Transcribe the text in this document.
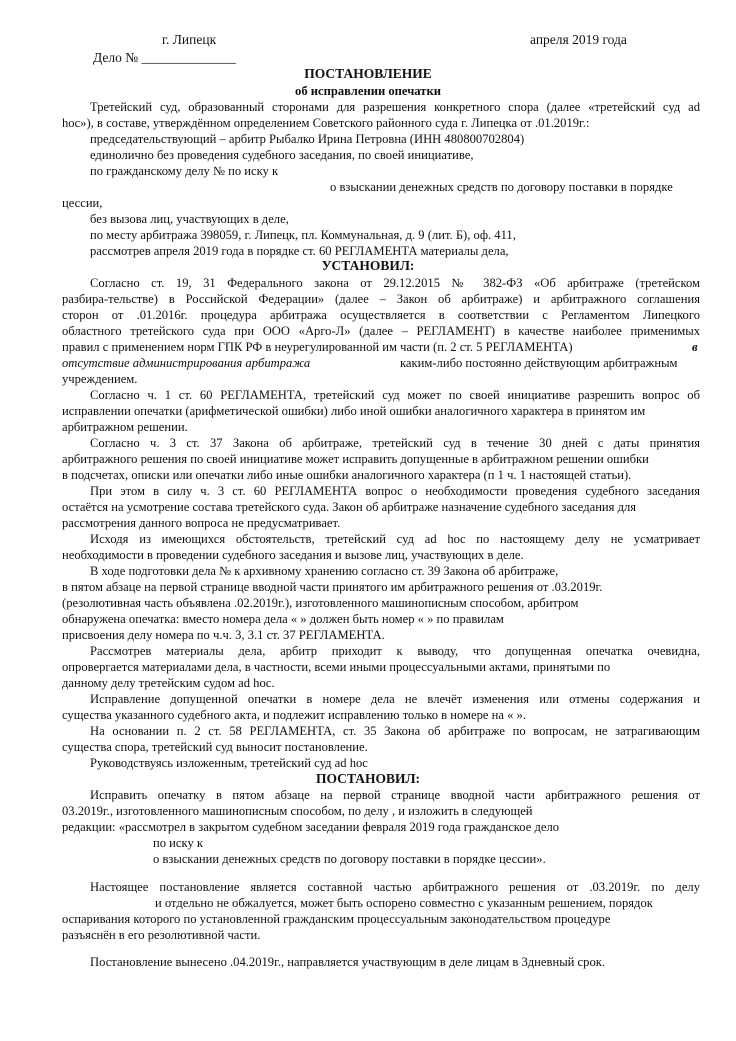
г. Липецк	апреля 2019 года
Дело № ______________
ПОСТАНОВЛЕНИЕ
об исправлении опечатки
Третейский суд, образованный сторонами для разрешения конкретного спора (далее «третейский суд ad
hoc»), в составе, утверждённом определением Советского районного суда г. Липецка от .01.2019г.:
председательствующий – арбитр Рыбалко Ирина Петровна (ИНН 480800702804)
единолично без проведения судебного заседания, по своей инициативе,
по гражданскому делу № по иску к
о взыскании денежных средств по договору поставки в порядке
цессии,
без вызова лиц, участвующих в деле,
по месту арбитража 398059, г. Липецк, пл. Коммунальная, д. 9 (лит. Б), оф. 411,
рассмотрев апреля 2019 года в порядке ст. 60 РЕГЛАМЕНТА материалы дела,
УСТАНОВИЛ:
Согласно ст. 19, 31 Федерального закона от 29.12.2015 № 382-ФЗ «Об арбитраже (третейском
разбира-тельстве) в Российской Федерации» (далее – Закон об арбитраже) и арбитражного соглашения
сторон от .01.2016г. процедура арбитража осуществляется в соответствии с Регламентом Липецкого
областного третейского суда при ООО «Арго-Л» (далее – РЕГЛАМЕНТ) в качестве наиболее применимых
правил с применением норм ГПК РФ в неурегулированной им части (п. 2 ст. 5 РЕГЛАМЕНТА)	в
отсутствие администрирования арбитража	каким-либо постоянно действующим арбитражным
учреждением.
Согласно ч. 1 ст. 60 РЕГЛАМЕНТА, третейский суд может по своей инициативе разрешить вопрос об
исправлении опечатки (арифметической ошибки) либо иной ошибки аналогичного характера в принятом им
арбитражном решении.
Согласно ч. 3 ст. 37 Закона об арбитраже, третейский суд в течение 30 дней с даты принятия
арбитражного решения по своей инициативе может исправить допущенные в арбитражном решении ошибки
в подсчетах, описки или опечатки либо иные ошибки аналогичного характера (п 1 ч. 1 настоящей статьи).
При этом в силу ч. 3 ст. 60 РЕГЛАМЕНТА вопрос о необходимости проведения судебного заседания
остаётся на усмотрение состава третейского суда. Закон об арбитраже назначение судебного заседания для
рассмотрения данного вопроса не предусматривает.
Исходя из имеющихся обстоятельств, третейский суд ad hoc по настоящему делу не усматривает
необходимости в проведении судебного заседания и вызове лиц, участвующих в деле.
В ходе подготовки дела № к архивному хранению согласно ст. 39 Закона об арбитраже,
в пятом абзаце на первой странице вводной части принятого им арбитражного решения от .03.2019г.
(резолютивная часть объявлена .02.2019г.), изготовленного машинописным способом, арбитром
обнаружена опечатка: вместо номера дела « » должен быть номер « » по правилам
присвоения делу номера по ч.ч. 3, 3.1 ст. 37 РЕГЛАМЕНТА.
Рассмотрев материалы дела, арбитр приходит к выводу, что допущенная опечатка очевидна,
опровергается материалами дела, в частности, всеми иными процессуальными актами, принятыми по
данному делу третейским судом ad hoc.
Исправление допущенной опечатки в номере дела не влечёт изменения или отмены содержания и
существа указанного судебного акта, и подлежит исправлению только в номере на « ».
На основании п. 2 ст. 58 РЕГЛАМЕНТА, ст. 35 Закона об арбитраже по вопросам, не затрагивающим
существа спора, третейский суд выносит постановление.
Руководствуясь изложенным, третейский суд ad hoc
ПОСТАНОВИЛ:
Исправить опечатку в пятом абзаце на первой странице вводной части арбитражного решения от
03.2019г., изготовленного машинописным способом, по делу , и изложить в следующей
редакции: «рассмотрел в закрытом судебном заседании февраля 2019 года гражданское дело
по иску к
о взыскании денежных средств по договору поставки в порядке цессии».
Настоящее постановление является составной частью арбитражного решения от .03.2019г. по делу
и отдельно не обжалуется, может быть оспорено совместно с указанным решением, порядок
оспаривания которого по установленной гражданским процессуальным законодательством процедуре
разъяснён в его резолютивной части.
Постановление вынесено .04.2019г., направляется участвующим в деле лицам в 3дневный срок.
